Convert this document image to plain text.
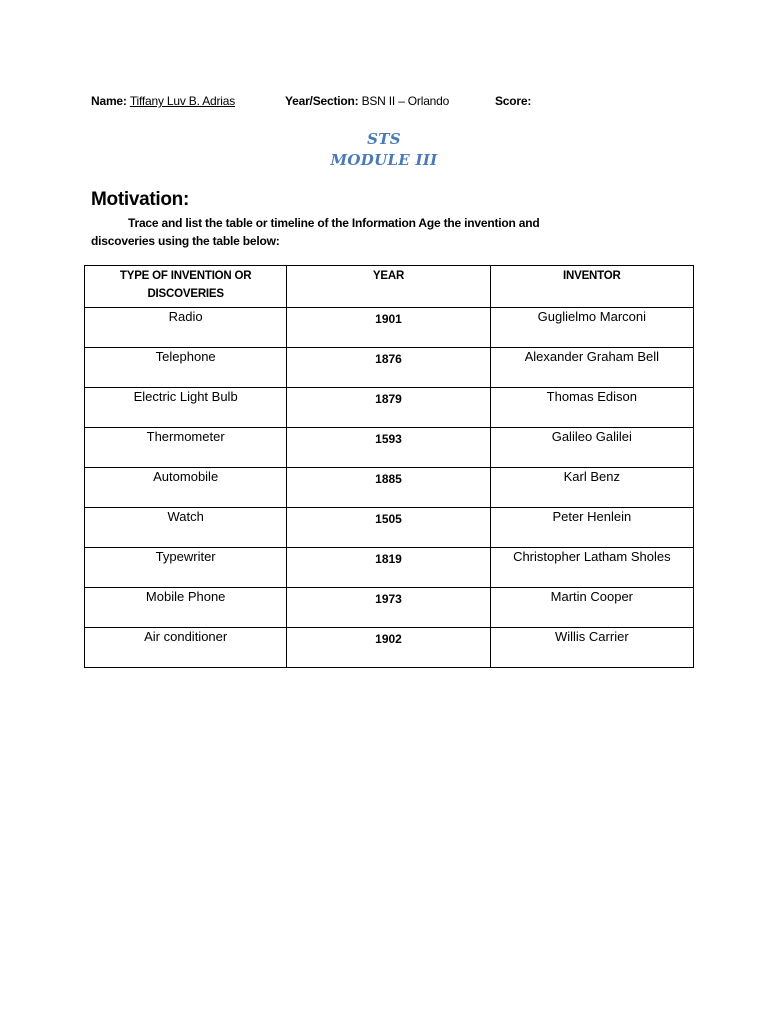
Name: Tiffany Luv B. Adrias	Year/Section: BSN II – Orlando	Score:
STS
MODULE III
Motivation:
Trace and list the table or timeline of the Information Age the invention and discoveries using the table below:
TYPE OF INVENTION OR DISCOVERIES	YEAR	INVENTOR

Radio	1901	Guglielmo Marconi

Telephone	1876	Alexander Graham Bell

Electric Light Bulb	1879	Thomas Edison

Thermometer	1593	Galileo Galilei

Automobile	1885	Karl Benz

Watch	1505	Peter Henlein

Typewriter	1819	Christopher Latham Sholes

Mobile Phone	1973	Martin Cooper

Air conditioner	1902	Willis Carrier
